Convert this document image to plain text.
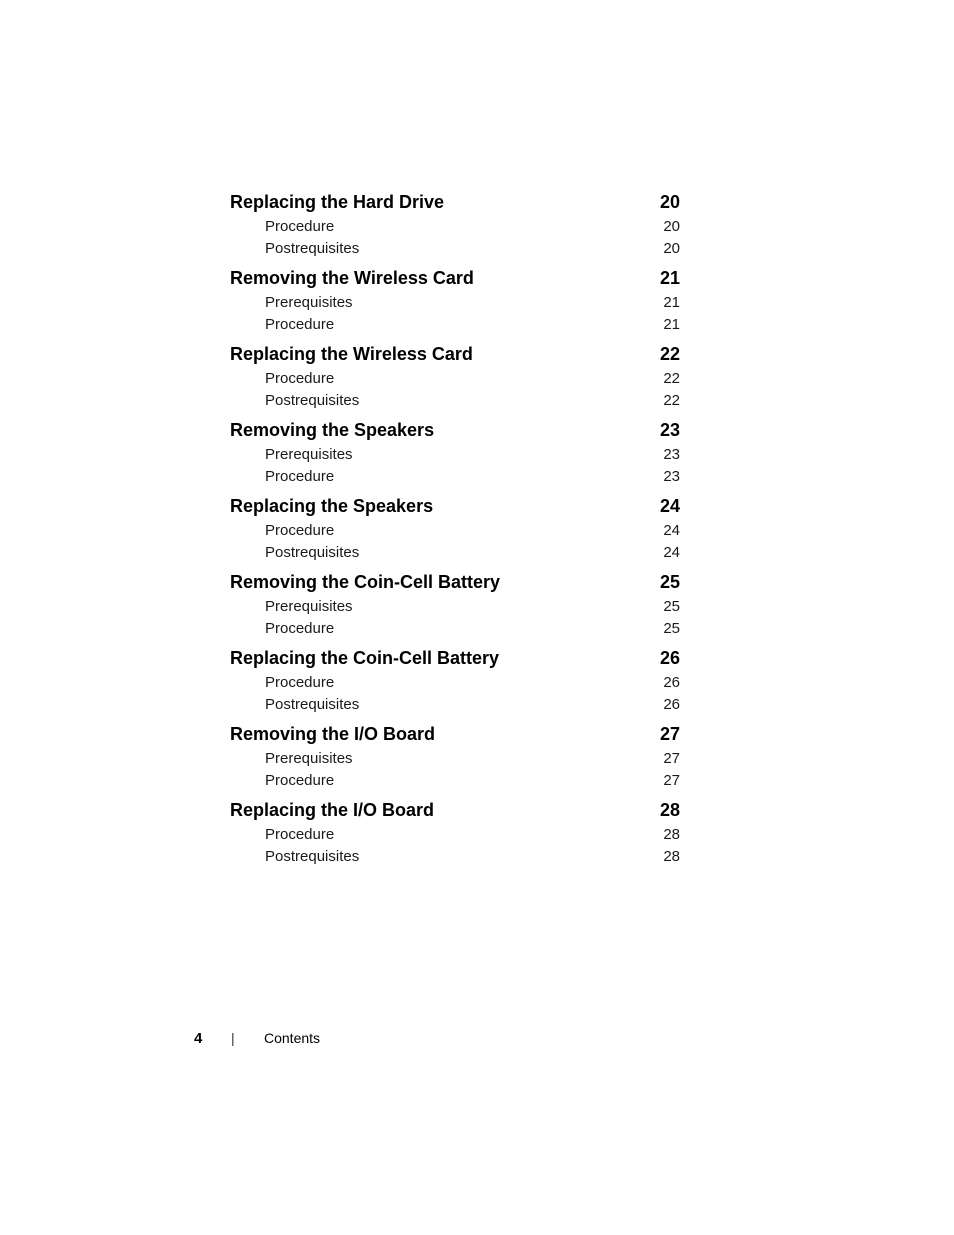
Replacing the Hard Drive	20
Procedure	20
Postrequisites	20
Removing the Wireless Card	21
Prerequisites	21
Procedure	21
Replacing the Wireless Card	22
Procedure	22
Postrequisites	22
Removing the Speakers	23
Prerequisites	23
Procedure	23
Replacing the Speakers	24
Procedure	24
Postrequisites	24
Removing the Coin-Cell Battery	25
Prerequisites	25
Procedure	25
Replacing the Coin-Cell Battery	26
Procedure	26
Postrequisites	26
Removing the I/O Board	27
Prerequisites	27
Procedure	27
Replacing the I/O Board	28
Procedure	28
Postrequisites	28
4 | Contents
